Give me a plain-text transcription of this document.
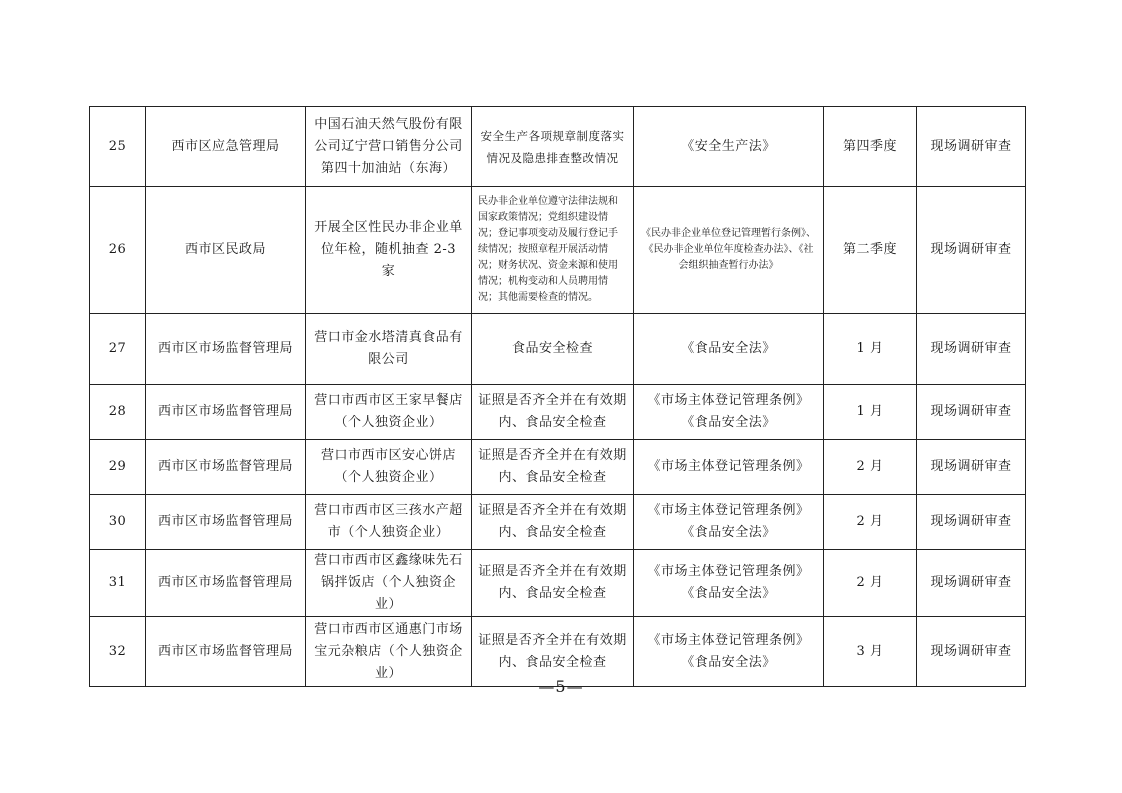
25	西市区应急管理局	中国石油天然气股份有限公司辽宁营口销售分公司第四十加油站（东海）	安全生产各项规章制度落实情况及隐患排查整改情况	《安全生产法》	第四季度	现场调研审查
26	西市区民政局	开展全区性民办非企业单位年检，随机抽查 2-3 家	民办非企业单位遵守法律法规和国家政策情况；党组织建设情况；登记事项变动及履行登记手续情况；按照章程开展活动情况；财务状况、资金来源和使用情况；机构变动和人员聘用情况；其他需要检查的情况。	《民办非企业单位登记管理暂行条例》、《民办非企业单位年度检查办法》、《社会组织抽查暂行办法》	第二季度	现场调研审查
27	西市区市场监督管理局	营口市金水塔清真食品有限公司	食品安全检查	《食品安全法》	1 月	现场调研审查
28	西市区市场监督管理局	营口市西市区王家早餐店（个人独资企业）	证照是否齐全并在有效期内、食品安全检查	《市场主体登记管理条例》《食品安全法》	1 月	现场调研审查
29	西市区市场监督管理局	营口市西市区安心饼店（个人独资企业）	证照是否齐全并在有效期内、食品安全检查	《市场主体登记管理条例》	2 月	现场调研审查
30	西市区市场监督管理局	营口市西市区三孩水产超市（个人独资企业）	证照是否齐全并在有效期内、食品安全检查	《市场主体登记管理条例》《食品安全法》	2 月	现场调研审查
31	西市区市场监督管理局	营口市西市区鑫缘味先石锅拌饭店（个人独资企业）	证照是否齐全并在有效期内、食品安全检查	《市场主体登记管理条例》《食品安全法》	2 月	现场调研审查
32	西市区市场监督管理局	营口市西市区通惠门市场宝元杂粮店（个人独资企业）	证照是否齐全并在有效期内、食品安全检查	《市场主体登记管理条例》《食品安全法》	3 月	现场调研审查
—5—
